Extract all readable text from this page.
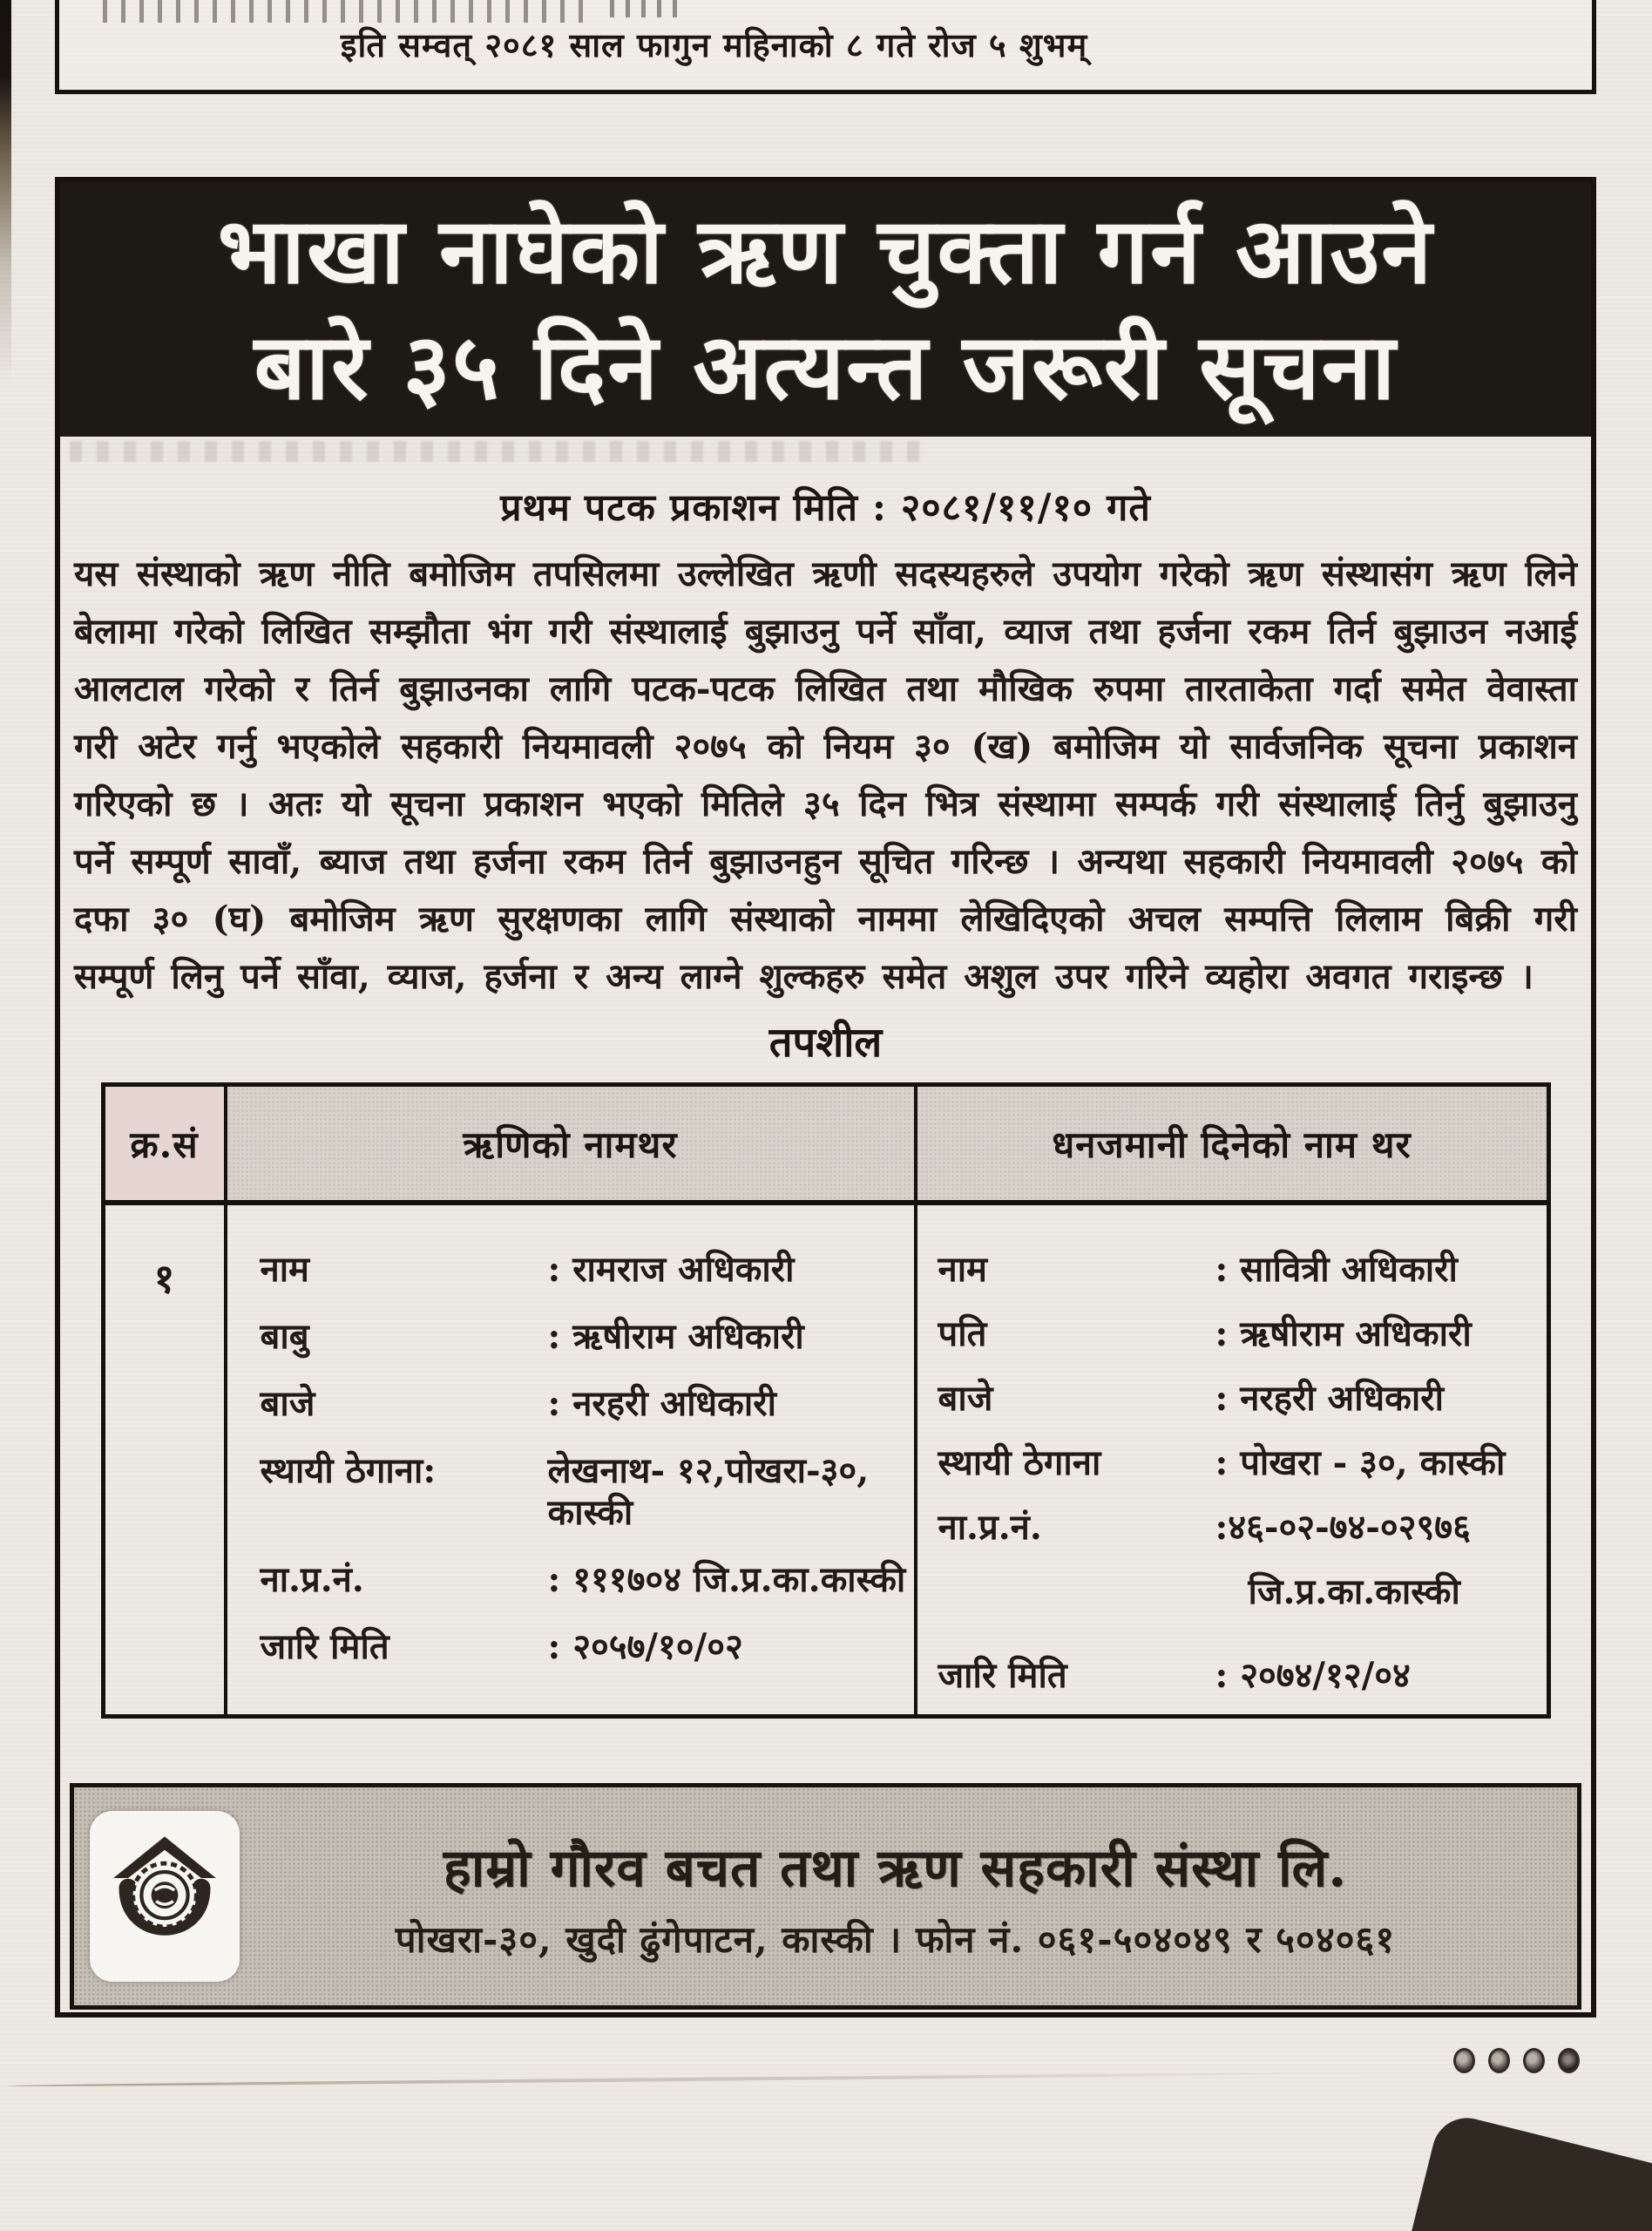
इति सम्वत् २०८१ साल फागुन महिनाको ८ गते रोज ५ शुभम्
भाखा नाघेको ऋण चुक्ता गर्न आउने
बारे ३५ दिने अत्यन्त जरूरी सूचना
प्रथम पटक प्रकाशन मिति : २०८१/११/१० गते
यस संस्थाको ऋण नीति बमोजिम तपसिलमा उल्लेखित ऋणी सदस्यहरुले उपयोग गरेको ऋण संस्थासंग ऋण लिने बेलामा गरेको लिखित सम्झौता भंग गरी संस्थालाई बुझाउनु पर्ने साँवा, व्याज तथा हर्जना रकम तिर्न बुझाउन नआई आलटाल गरेको र तिर्न बुझाउनका लागि पटक-पटक लिखित तथा मौखिक रुपमा तारताकेता गर्दा समेत वेवास्ता गरी अटेर गर्नु भएकोले सहकारी नियमावली २०७५ को नियम ३० (ख) बमोजिम यो सार्वजनिक सूचना प्रकाशन गरिएको छ । अतः यो सूचना प्रकाशन भएको मितिले ३५ दिन भित्र संस्थामा सम्पर्क गरी संस्थालाई तिर्नु बुझाउनु पर्ने सम्पूर्ण सावाँ, ब्याज तथा हर्जना रकम तिर्न बुझाउनहुन सूचित गरिन्छ । अन्यथा सहकारी नियमावली २०७५ को दफा ३० (घ) बमोजिम ऋण सुरक्षणका लागि संस्थाको नाममा लेखिदिएको अचल सम्पत्ति लिलाम बिक्री गरी सम्पूर्ण लिनु पर्ने साँवा, व्याज, हर्जना र अन्य लाग्ने शुल्कहरु समेत अशुल उपर गरिने व्यहोरा अवगत गराइन्छ ।
तपशील
क्र.सं	ऋणिको नामथर	धनजमानी दिनेको नाम थर
१	नाम	: रामराज अधिकारी
बाबु	: ऋषीराम अधिकारी
बाजे	: नरहरी अधिकारी
स्थायी ठेगाना:	लेखनाथ- १२,पोखरा-३०, कास्की
ना.प्र.नं.	: १११७०४ जि.प्र.का.कास्की
जारि मिति	: २०५७/१०/०२
नाम	: सावित्री अधिकारी
पति	: ऋषीराम अधिकारी
बाजे	: नरहरी अधिकारी
स्थायी ठेगाना	: पोखरा - ३०, कास्की
ना.प्र.नं.	:४६-०२-७४-०२९७६
जि.प्र.का.कास्की
जारि मिति	: २०७४/१२/०४
हाम्रो गौरव बचत तथा ऋण सहकारी संस्था लि.
पोखरा-३०, खुदी ढुंगेपाटन, कास्की । फोन नं. ०६१-५०४०४९ र ५०४०६१
